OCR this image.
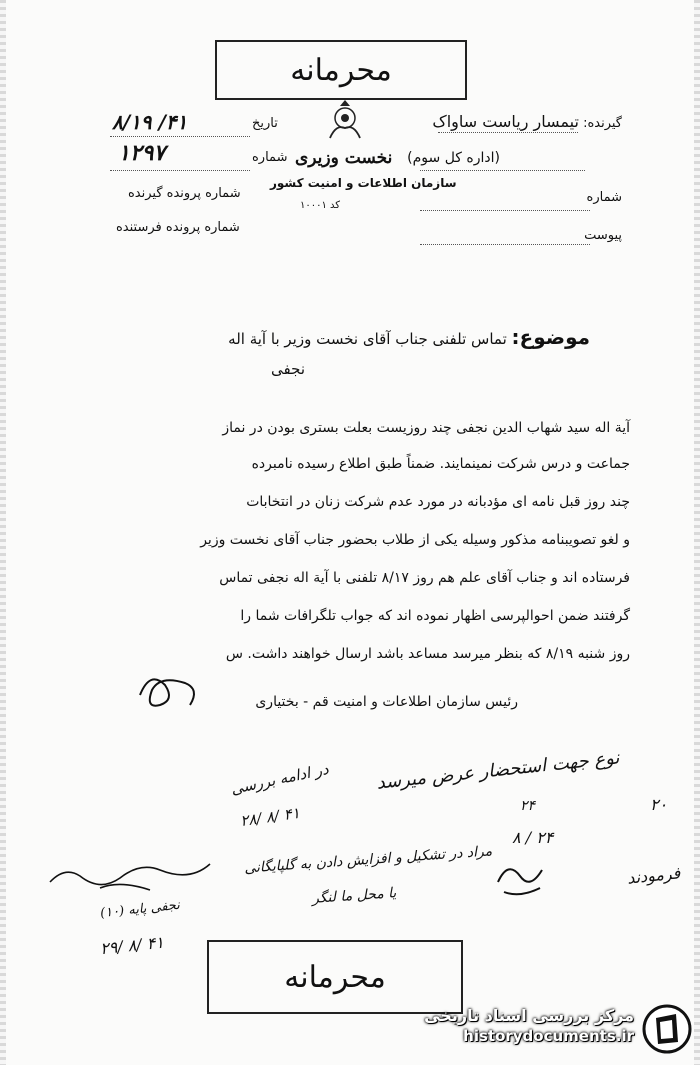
محرمانه
گیرنده: تیمسار ریاست ساواک
(اداره کل سوم)
شماره
پیوست
نخست وزیری
سازمان اطلاعات و امنیت کشور
کد ۱۰۰۰۱
تاریخ
۸/۱۹ /۴۱
شماره
۱۲۹۷
شماره پرونده گیرنده
شماره پرونده فرستنده
موضوع: تماس تلفنی جناب آقای نخست وزیر با آیة اله
نجفی
آیة اله سید شهاب الدین نجفی چند روزیست بعلت بستری بودن در نماز
جماعت و درس شرکت نمینمایند. ضمناً طبق اطلاع رسیده نامبرده
چند روز قبل نامه ای مؤدبانه در مورد عدم شرکت زنان در انتخابات
و لغو تصویبنامه مذکور وسیله یکی از طلاب بحضور جناب آقای نخست وزیر
فرستاده اند و جناب آقای علم هم روز ۸/۱۷ تلفنی با آیة اله نجفی تماس
گرفتند ضمن احوالپرسی اظهار نموده اند که جواب تلگرافات شما را
روز شنبه ۸/۱۹ که بنظر میرسد مساعد باشد ارسال خواهند داشت. س
رئیس سازمان اطلاعات و امنیت قم - بختیاری
نوع جهت استحضار عرض میرسد
در ادامه بررسی
۲۸/ ۸/ ۴۱	۲۴
۸ / ۲۴
۲۰
مراد در تشکیل و افزایش دادن به گلپایگانی
یا محل ما لنگر
فرمودند
نجفی پایه (۱۰)
۲۹/ ۸/ ۴۱
محرمانه
مرکز بررسی اسناد تاریخی
historydocuments.ir
